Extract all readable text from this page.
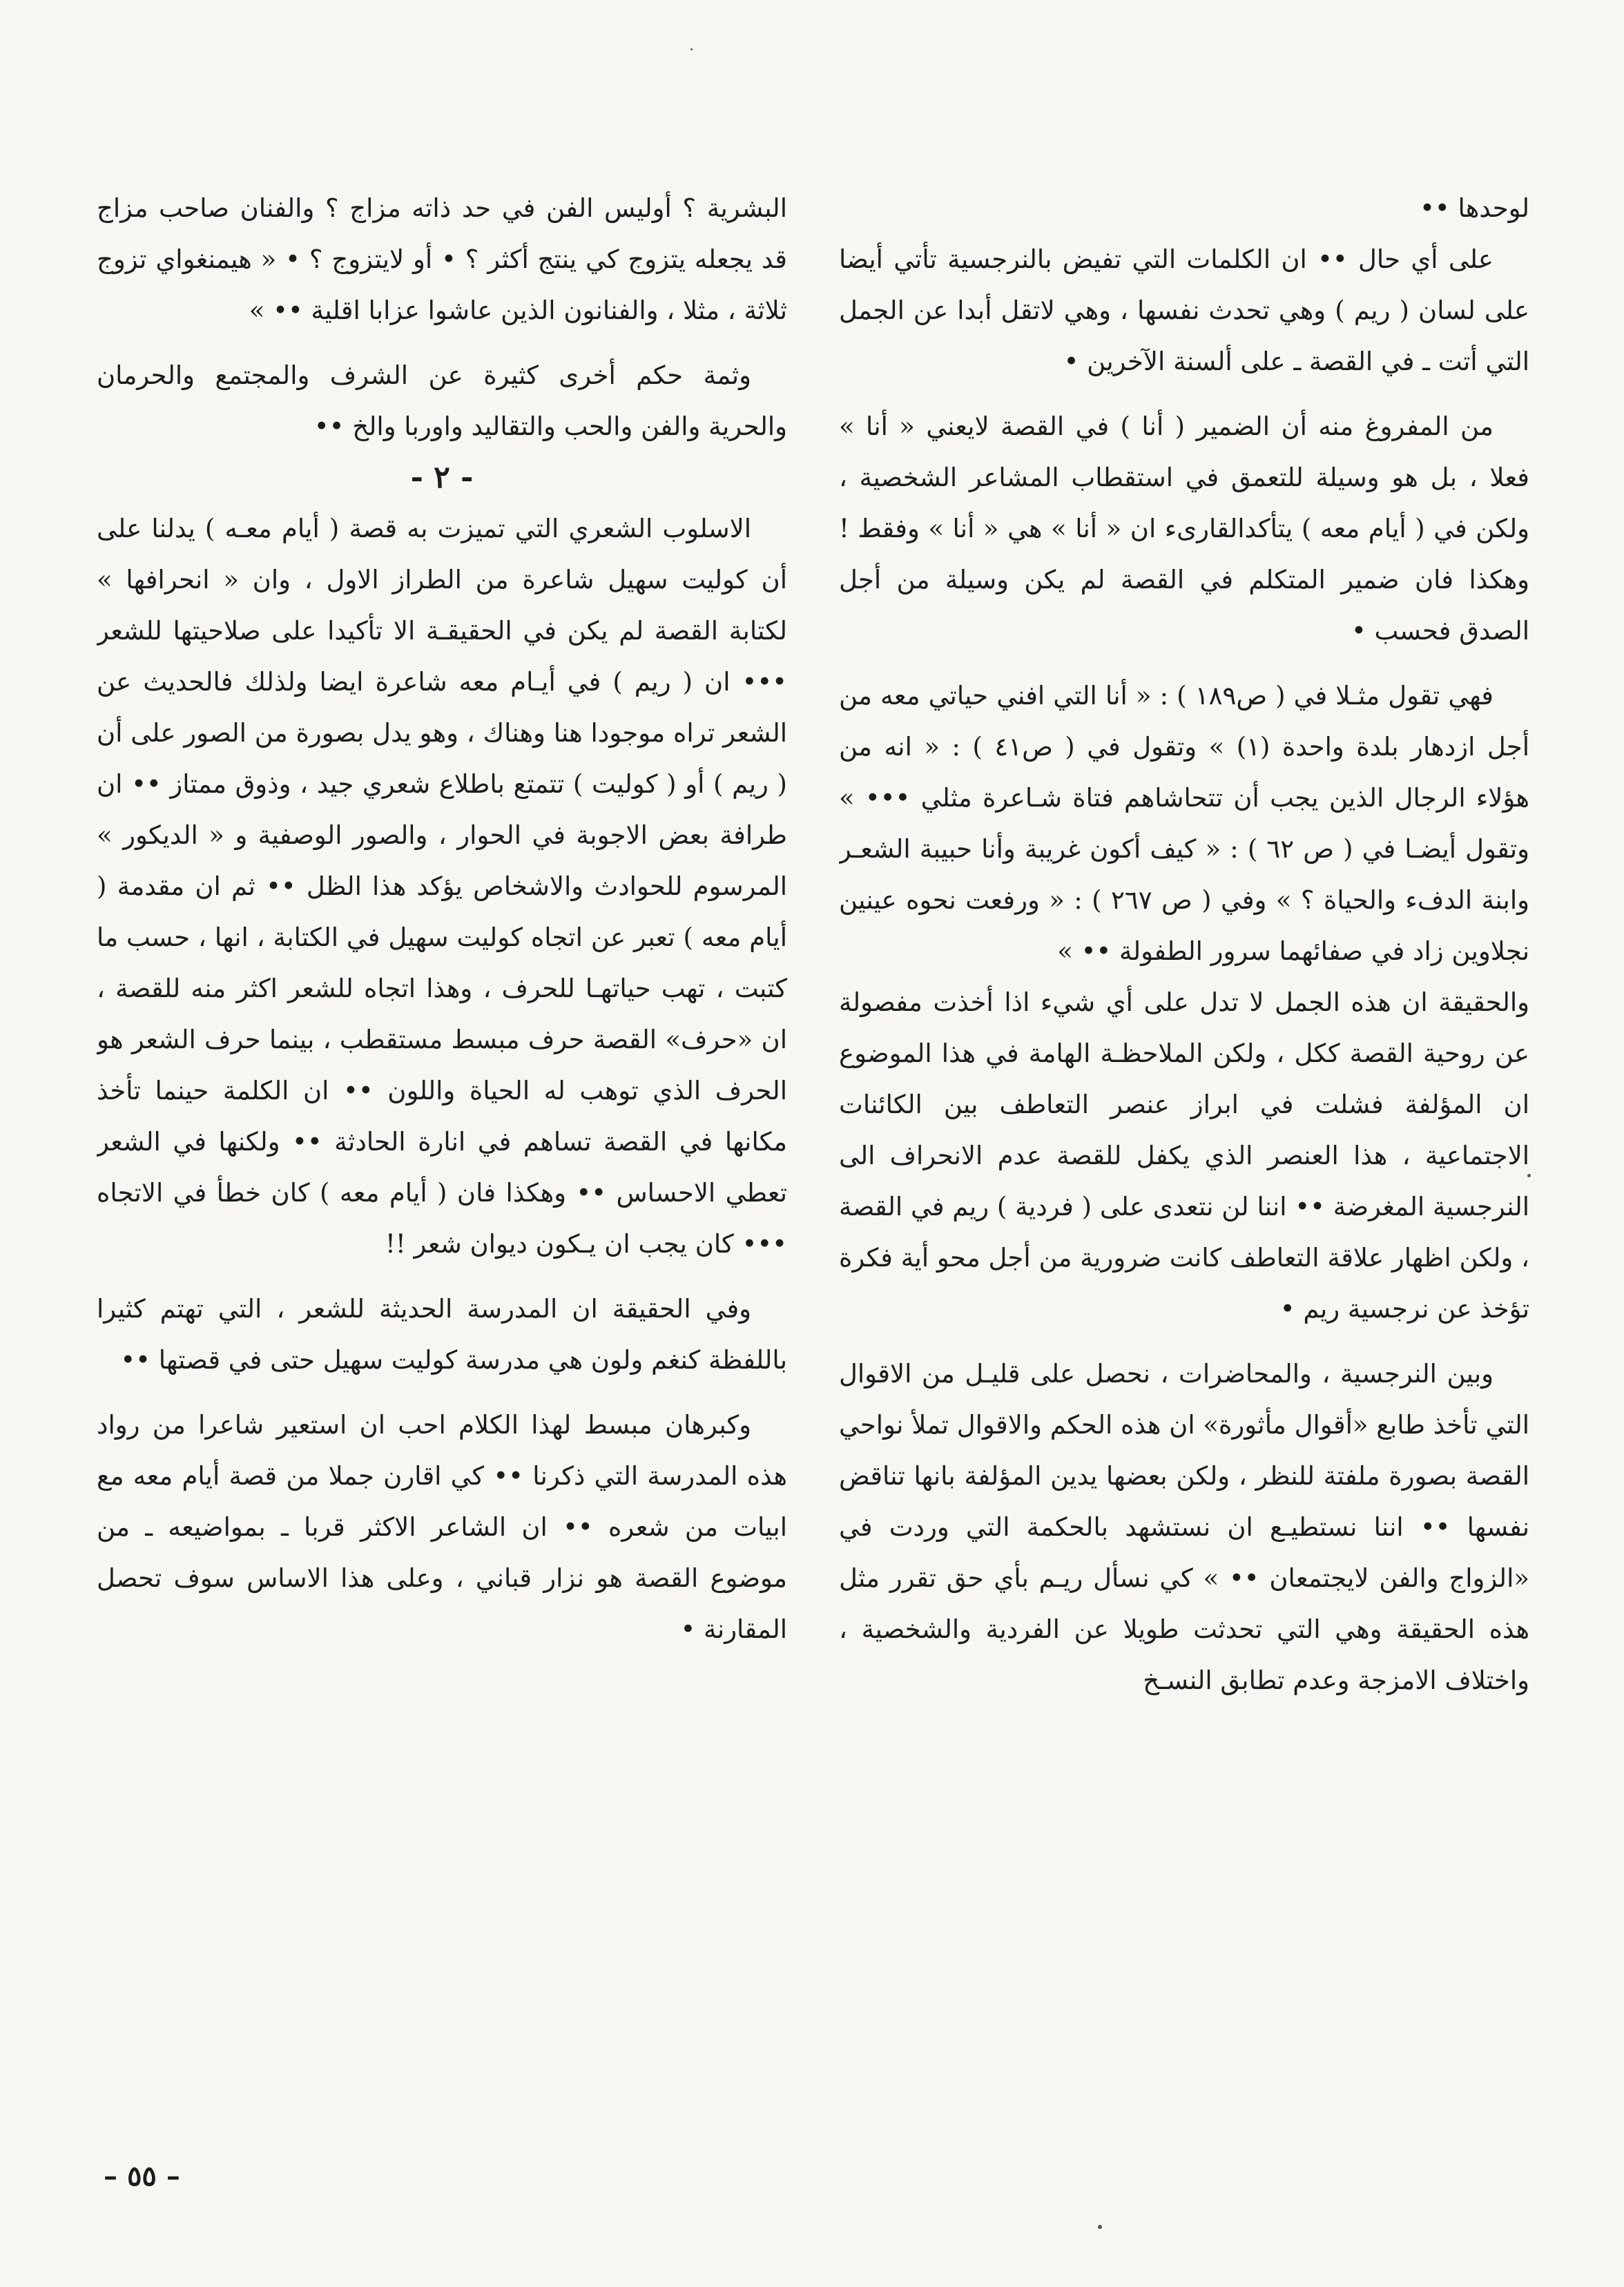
لوحدها ••

على أي حال •• ان الكلمات التي تفيض بالنرجسية تأتي أيضا على لسان ( ريم ) وهي تحدث نفسها ، وهي لاتقل أبدا عن الجمل التي أتت ـ في القصة ـ على ألسنة الآخرين •

من المفروغ منه أن الضمير ( أنا ) في القصة لايعني « أنا » فعلا ، بل هو وسيلة للتعمق في استقطاب المشاعر الشخصية ، ولكن في ( أيام معه ) يتأكدالقارىء ان « أنا » هي « أنا » وفقط ! وهكذا فان ضمير المتكلم في القصة لم يكن وسيلة من أجل الصدق فحسب •

فهي تقول مثـلا في ( ص١٨٩ ) : « أنا التي افني حياتي معه من أجل ازدهار بلدة واحدة (١) » وتقول في ( ص٤١ ) : « انه من هؤلاء الرجال الذين يجب أن تتحاشاهم فتاة شـاعرة مثلي ••• » وتقول أيضـا في ( ص ٦٢ ) : « كيف أكون غريبة وأنا حبيبة الشعـر وابنة الدفء والحياة ؟ » وفي ( ص ٢٦٧ ) : « ورفعت نحوه عينين نجلاوين زاد في صفائهما سرور الطفولة •• »

والحقيقة ان هذه الجمل لا تدل على أي شيء اذا أخذت مفصولة عن روحية القصة ككل ، ولكن الملاحظـة الهامة في هذا الموضوع ان المؤلفة فشلت في ابراز عنصر التعاطف بين الكائنات الاجتماعية ، هذا العنصر الذي يكفل للقصة عدم الانحراف الى النرجسية المغرضة •• اننا لن نتعدى على ( فردية ) ريم في القصة ، ولكن اظهار علاقة التعاطف كانت ضرورية من أجل محو أية فكرة تؤخذ عن نرجسية ريم •

وبين النرجسية ، والمحاضرات ، نحصل على قليـل من الاقوال التي تأخذ طابع «أقوال مأثورة» ان هذه الحكم والاقوال تملأ نواحي القصة بصورة ملفتة للنظر ، ولكن بعضها يدين المؤلفة بانها تناقض نفسها •• اننا نستطيـع ان نستشهد بالحكمة التي وردت في «الزواج والفن لايجتمعان •• » كي نسأل ريـم بأي حق تقرر مثل هذه الحقيقة وهي التي تحدثت طويلا عن الفردية والشخصية ، واختلاف الامزجة وعدم تطابق النسـخ

البشرية ؟ أوليس الفن في حد ذاته مزاج ؟ والفنان صاحب مزاج قد يجعله يتزوج كي ينتج أكثر ؟ • أو لايتزوج ؟ • « هيمنغواي تزوج ثلاثة ، مثلا ، والفنانون الذين عاشوا عزابا اقلية •• »

وثمة حكم أخرى كثيرة عن الشرف والمجتمع والحرمان والحرية والفن والحب والتقاليد واوربا والخ ••

- ٢ -

الاسلوب الشعري التي تميزت به قصة ( أيام معـه ) يدلنا على أن كوليت سهيل شاعرة من الطراز الاول ، وان « انحرافها » لكتابة القصة لم يكن في الحقيقـة الا تأكيدا على صلاحيتها للشعر ••• ان ( ريم ) في أيـام معه شاعرة ايضا ولذلك فالحديث عن الشعر تراه موجودا هنا وهناك ، وهو يدل بصورة من الصور على أن ( ريم ) أو ( كوليت ) تتمتع باطلاع شعري جيد ، وذوق ممتاز •• ان طرافة بعض الاجوبة في الحوار ، والصور الوصفية و « الديكور » المرسوم للحوادث والاشخاص يؤكد هذا الظل •• ثم ان مقدمة ( أيام معه ) تعبر عن اتجاه كوليت سهيل في الكتابة ، انها ، حسب ما كتبت ، تهب حياتهـا للحرف ، وهذا اتجاه للشعر اكثر منه للقصة ، ان «حرف» القصة حرف مبسط مستقطب ، بينما حرف الشعر هو الحرف الذي توهب له الحياة واللون •• ان الكلمة حينما تأخذ مكانها في القصة تساهم في انارة الحادثة •• ولكنها في الشعر تعطي الاحساس •• وهكذا فان ( أيام معه ) كان خطأ في الاتجاه ••• كان يجب ان يـكون ديوان شعر !!

وفي الحقيقة ان المدرسة الحديثة للشعر ، التي تهتم كثيرا باللفظة كنغم ولون هي مدرسة كوليت سهيل حتى في قصتها ••

وكبرهان مبسط لهذا الكلام احب ان استعير شاعرا من رواد هذه المدرسة التي ذكرنا •• كي اقارن جملا من قصة أيام معه مع ابيات من شعره •• ان الشاعر الاكثر قربا ـ بمواضيعه ـ من موضوع القصة هو نزار قباني ، وعلى هذا الاساس سوف تحصل المقارنة •

– ٥٥ –
